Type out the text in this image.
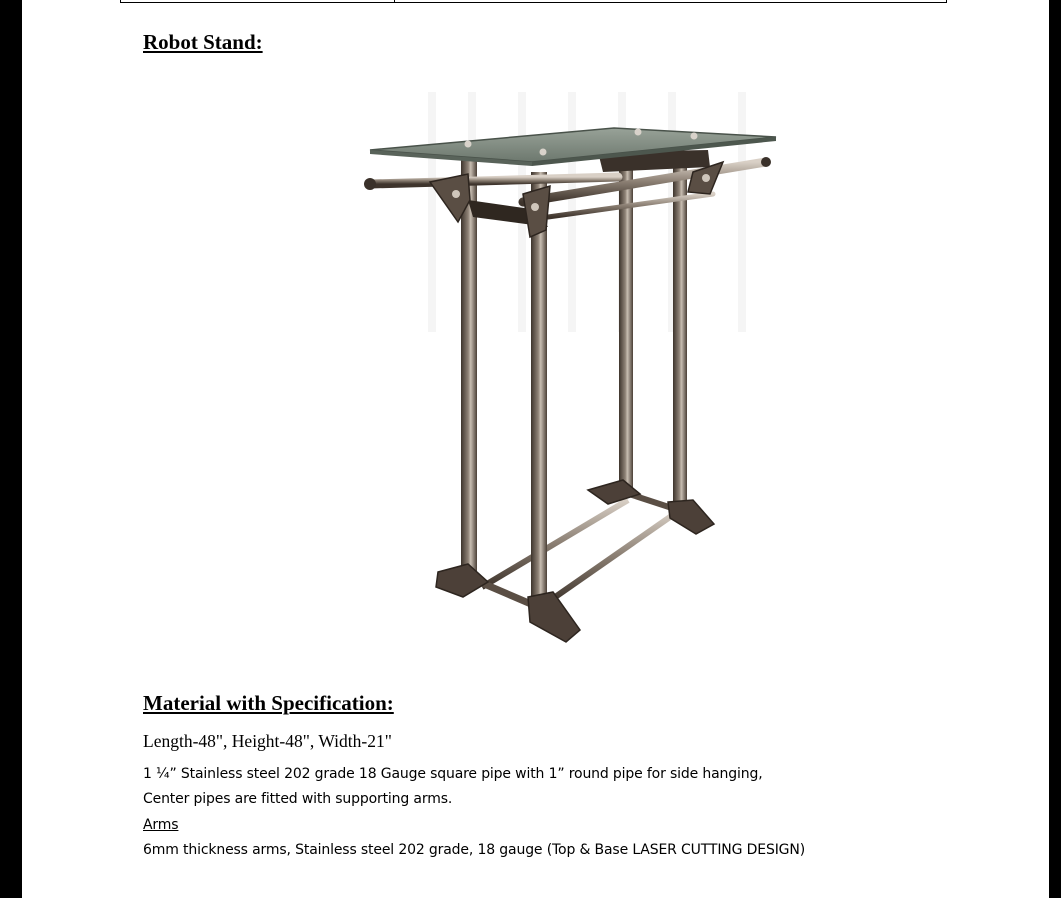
Robot Stand:
Material with Specification:
Length-48", Height-48", Width-21"
1 ¼” Stainless steel 202 grade 18 Gauge square pipe with 1” round pipe for side hanging,
Center pipes are fitted with supporting arms.
Arms
6mm thickness arms, Stainless steel 202 grade, 18 gauge (Top & Base LASER CUTTING DESIGN)
